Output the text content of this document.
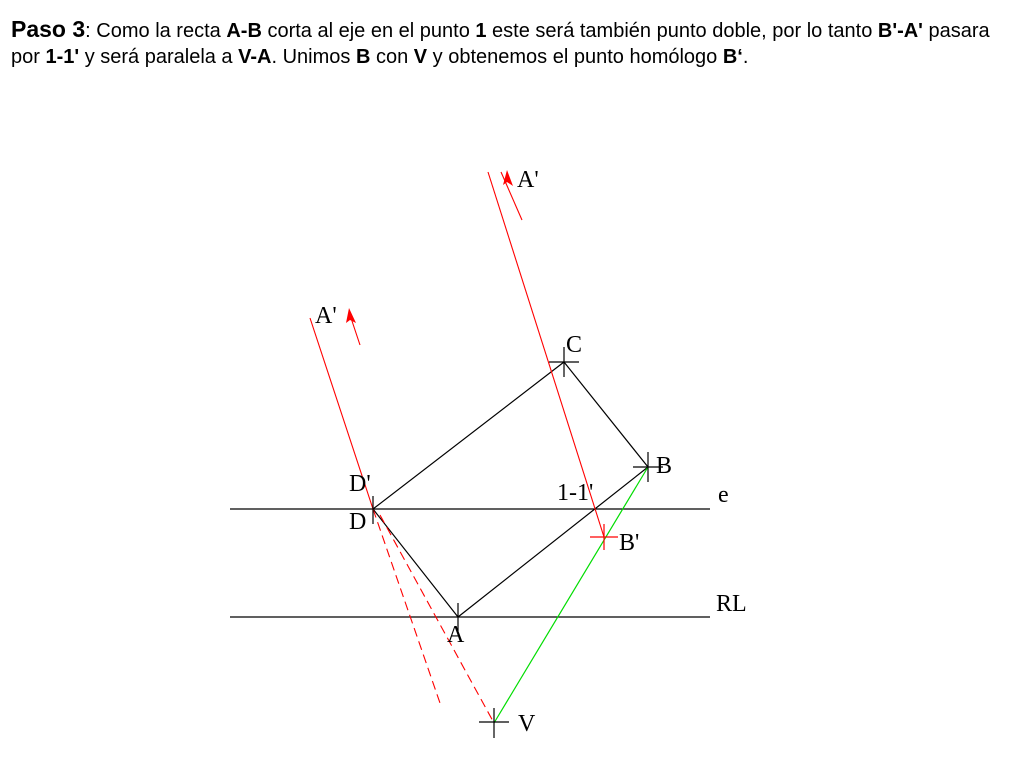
Paso 3: Como la recta A-B corta al eje en el punto 1 este será también punto doble, por lo tanto B'-A' pasara por 1-1' y será paralela a V-A. Unimos B con V y obtenemos el punto homólogo B‘.

A'
A'
C
B
D'
D
1-1'
B'
e
RL
A
V
